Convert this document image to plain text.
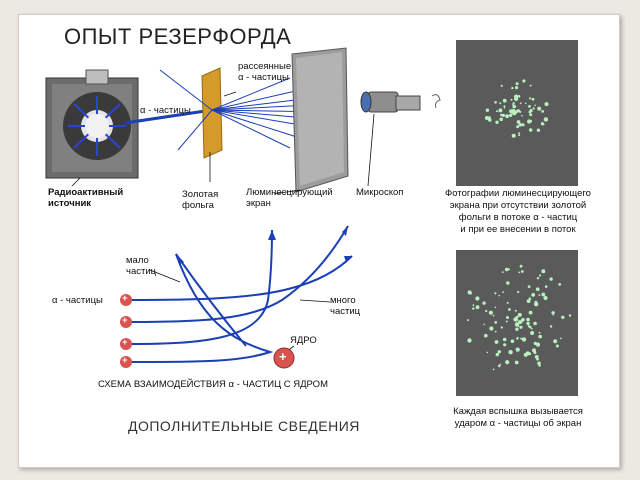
ОПЫТ РЕЗЕРФОРДА
+
+
+
+	+
рассеянные
α - частицы
α - частицы
Радиоактивный
источник
Золотая
фольга
Люминесцирующий
экран
Микроскоп
мало
частиц
много
частиц
α - частицы
ЯДРО
СХЕМА ВЗАИМОДЕЙСТВИЯ α - ЧАСТИЦ С ЯДРОМ
Фотографии люминесцирующего
экрана при отсутствии золотой
фольги в потоке α - частиц
и при ее внесении в поток
Каждая вспышка вызывается
ударом α - частицы об экран
ДОПОЛНИТЕЛЬНЫЕ СВЕДЕНИЯ
